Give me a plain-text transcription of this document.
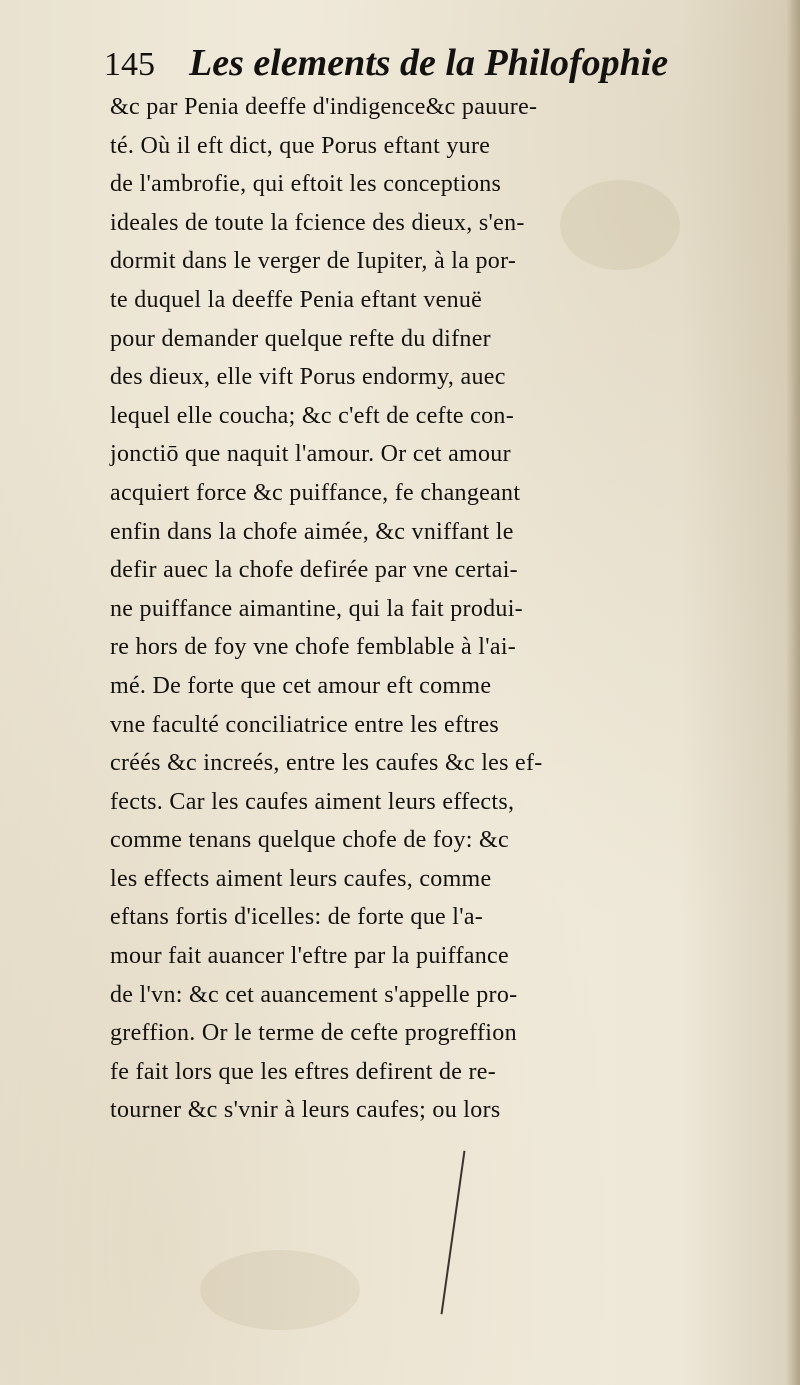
145 Les elements de la Philofophie
&c par Penia deeffe d'indigence&c pauure-
té. Où il eft dict, que Porus eftant yure
de l'ambrofie, qui eftoit les conceptions
ideales de toute la fcience des dieux, s'en-
dormit dans le verger de Iupiter, à la por-
te duquel la deeffe Penia eftant venuë
pour demander quelque refte du difner
des dieux, elle vift Porus endormy, auec
lequel elle coucha; &c c'eft de cefte con-
jonctiō que naquit l'amour. Or cet amour
acquiert force &c puiffance, fe changeant
enfin dans la chofe aimée, &c vniffant le
defir auec la chofe defirée par vne certai-
ne puiffance aimantine, qui la fait produi-
re hors de foy vne chofe femblable à l'ai-
mé. De forte que cet amour eft comme
vne faculté conciliatrice entre les eftres
créés &c increés, entre les caufes &c les ef-
fects. Car les caufes aiment leurs effects,
comme tenans quelque chofe de foy: &c
les effects aiment leurs caufes, comme
eftans fortis d'icelles: de forte que l'a-
mour fait auancer l'eftre par la puiffance
de l'vn: &c cet auancement s'appelle pro-
greffion. Or le terme de cefte progreffion
fe fait lors que les eftres defirent de re-
tourner &c s'vnir à leurs caufes; ou lors
